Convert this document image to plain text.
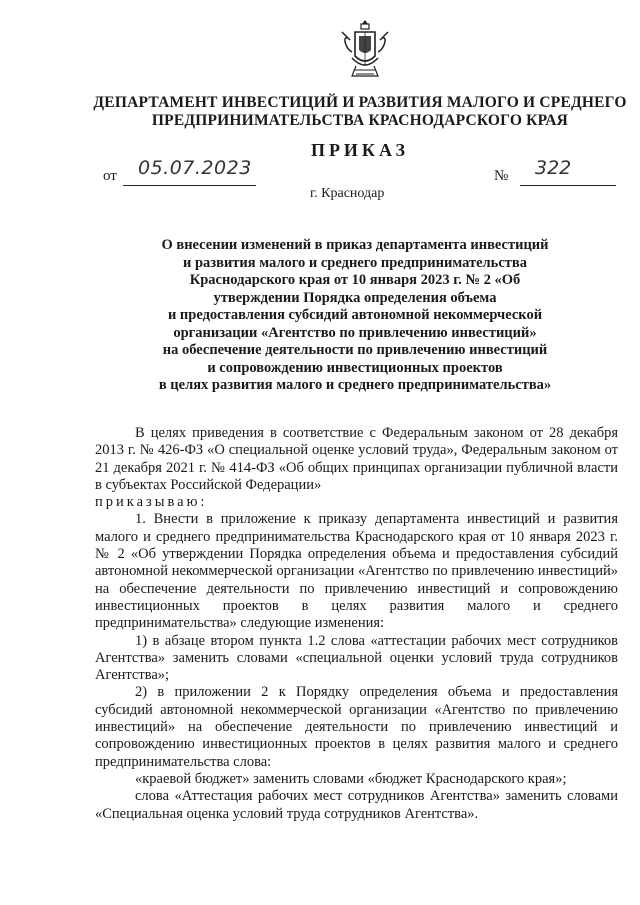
ДЕПАРТАМЕНТ ИНВЕСТИЦИЙ И РАЗВИТИЯ МАЛОГО И СРЕДНЕГО
ПРЕДПРИНИМАТЕЛЬСТВА КРАСНОДАРСКОГО КРАЯ
ПРИКАЗ
от 05.07.2023	№ 322
г. Краснодар
О внесении изменений в приказ департамента инвестиций
и развития малого и среднего предпринимательства
Краснодарского края от 10 января 2023 г. № 2 «Об
утверждении Порядка определения объема
и предоставления субсидий автономной некоммерческой
организации «Агентство по привлечению инвестиций»
на обеспечение деятельности по привлечению инвестиций
и сопровождению инвестиционных проектов
в целях развития малого и среднего предпринимательства»

В целях приведения в соответствие с Федеральным законом от 28 декабря 2013 г. № 426-ФЗ «О специальной оценке условий труда», Федеральным законом от 21 декабря 2021 г. № 414-ФЗ «Об общих принципах организации публичной власти в субъектах Российской Федерации»

приказываю:

1. Внести в приложение к приказу департамента инвестиций и развития малого и среднего предпринимательства Краснодарского края от 10 января 2023 г. № 2 «Об утверждении Порядка определения объема и предоставления субсидий автономной некоммерческой организации «Агентство по привлечению инвестиций» на обеспечение деятельности по привлечению инвестиций и сопровождению инвестиционных проектов в целях развития малого и среднего предпринимательства» следующие изменения:

1) в абзаце втором пункта 1.2 слова «аттестации рабочих мест сотрудников Агентства» заменить словами «специальной оценки условий труда сотрудников Агентства»;

2) в приложении 2 к Порядку определения объема и предоставления субсидий автономной некоммерческой организации «Агентство по привлечению инвестиций» на обеспечение деятельности по привлечению инвестиций и сопровождению инвестиционных проектов в целях развития малого и среднего предпринимательства слова:

«краевой бюджет» заменить словами «бюджет Краснодарского края»;

слова «Аттестация рабочих мест сотрудников Агентства» заменить словами «Специальная оценка условий труда сотрудников Агентства».
